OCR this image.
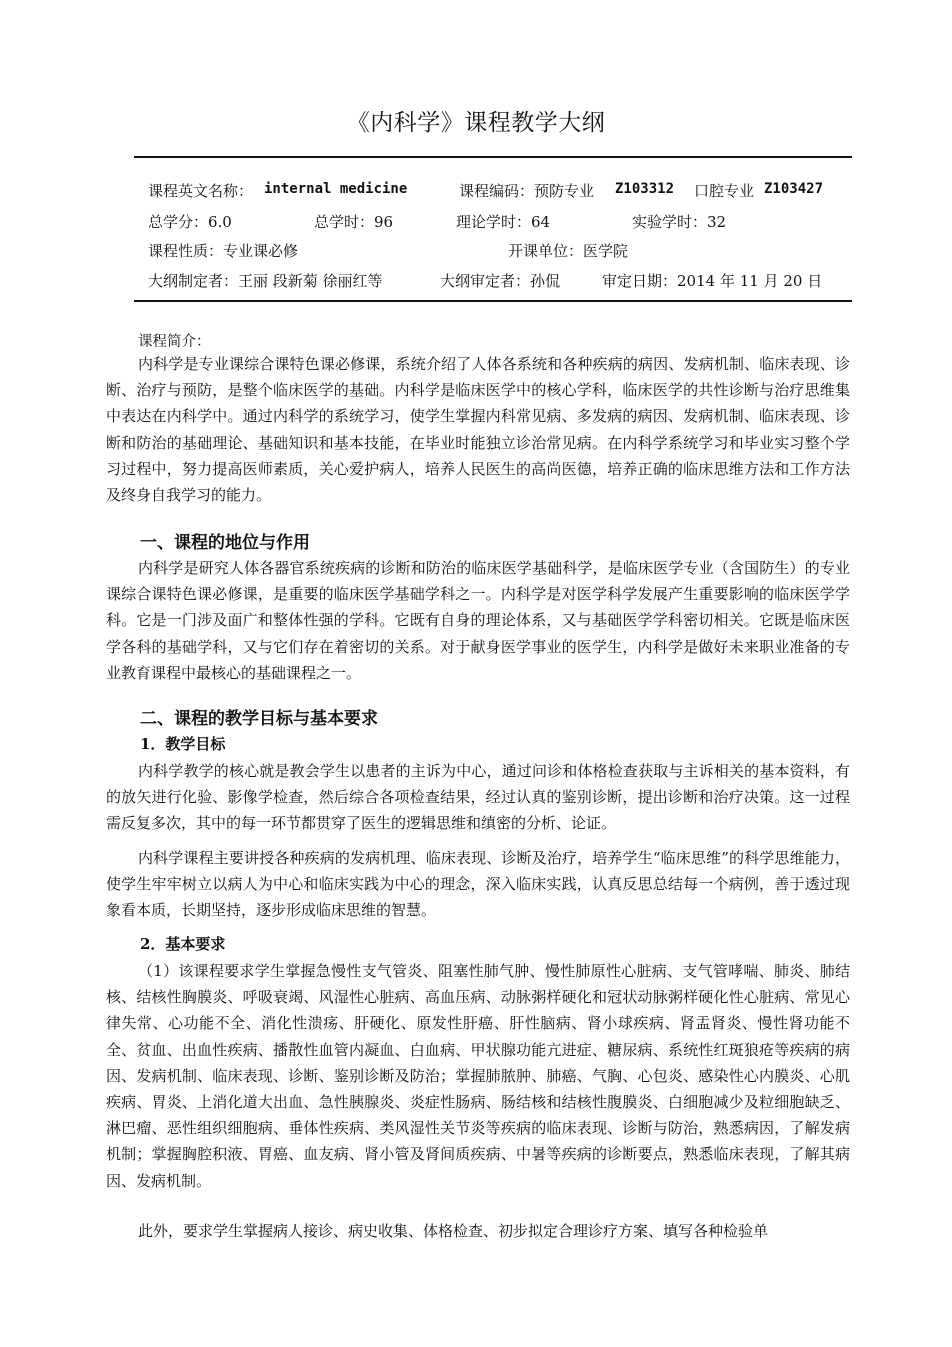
《内科学》课程教学大纲
课程英文名称： internal medicine	课程编码：预防专业 Z103312 口腔专业 Z103427
总学分：6.0	总学时：96	理论学时：64	实验学时：32
课程性质：专业课必修	开课单位：医学院
大纲制定者：王丽 段新菊 徐丽红等	大纲审定者：孙侃	审定日期：2014 年 11 月 20 日
课程简介：

内科学是专业课综合课特色课必修课，系统介绍了人体各系统和各种疾病的病因、发病机制、临床表现、诊断、治疗与预防，是整个临床医学的基础。内科学是临床医学中的核心学科，临床医学的共性诊断与治疗思维集中表达在内科学中。通过内科学的系统学习，使学生掌握内科常见病、多发病的病因、发病机制、临床表现、诊断和防治的基础理论、基础知识和基本技能，在毕业时能独立诊治常见病。在内科学系统学习和毕业实习整个学习过程中，努力提高医师素质，关心爱护病人，培养人民医生的高尚医德，培养正确的临床思维方法和工作方法及终身自我学习的能力。

一、课程的地位与作用

内科学是研究人体各器官系统疾病的诊断和防治的临床医学基础科学，是临床医学专业（含国防生）的专业课综合课特色课必修课，是重要的临床医学基础学科之一。内科学是对医学科学发展产生重要影响的临床医学学科。它是一门涉及面广和整体性强的学科。它既有自身的理论体系，又与基础医学学科密切相关。它既是临床医学各科的基础学科，又与它们存在着密切的关系。对于献身医学事业的医学生，内科学是做好未来职业准备的专业教育课程中最核心的基础课程之一。

二、课程的教学目标与基本要求
1．教学目标

内科学教学的核心就是教会学生以患者的主诉为中心，通过问诊和体格检查获取与主诉相关的基本资料，有的放矢进行化验、影像学检查，然后综合各项检查结果，经过认真的鉴别诊断，提出诊断和治疗决策。这一过程需反复多次，其中的每一环节都贯穿了医生的逻辑思维和缜密的分析、论证。

内科学课程主要讲授各种疾病的发病机理、临床表现、诊断及治疗，培养学生“临床思维”的科学思维能力，使学生牢牢树立以病人为中心和临床实践为中心的理念，深入临床实践，认真反思总结每一个病例，善于透过现象看本质，长期坚持，逐步形成临床思维的智慧。

2．基本要求

（1）该课程要求学生掌握急慢性支气管炎、阻塞性肺气肿、慢性肺原性心脏病、支气管哮喘、肺炎、肺结核、结核性胸膜炎、呼吸衰竭、风湿性心脏病、高血压病、动脉粥样硬化和冠状动脉粥样硬化性心脏病、常见心律失常、心功能不全、消化性溃疡、肝硬化、原发性肝癌、肝性脑病、肾小球疾病、肾盂肾炎、慢性肾功能不全、贫血、出血性疾病、播散性血管内凝血、白血病、甲状腺功能亢进症、糖尿病、系统性红斑狼疮等疾病的病因、发病机制、临床表现、诊断、鉴别诊断及防治；掌握肺脓肿、肺癌、气胸、心包炎、感染性心内膜炎、心肌疾病、胃炎、上消化道大出血、急性胰腺炎、炎症性肠病、肠结核和结核性腹膜炎、白细胞减少及粒细胞缺乏、淋巴瘤、恶性组织细胞病、垂体性疾病、类风湿性关节炎等疾病的临床表现、诊断与防治，熟悉病因，了解发病机制；掌握胸腔积液、胃癌、血友病、肾小管及肾间质疾病、中暑等疾病的诊断要点，熟悉临床表现，了解其病因、发病机制。

此外，要求学生掌握病人接诊、病史收集、体格检查、初步拟定合理诊疗方案、填写各种检验单
